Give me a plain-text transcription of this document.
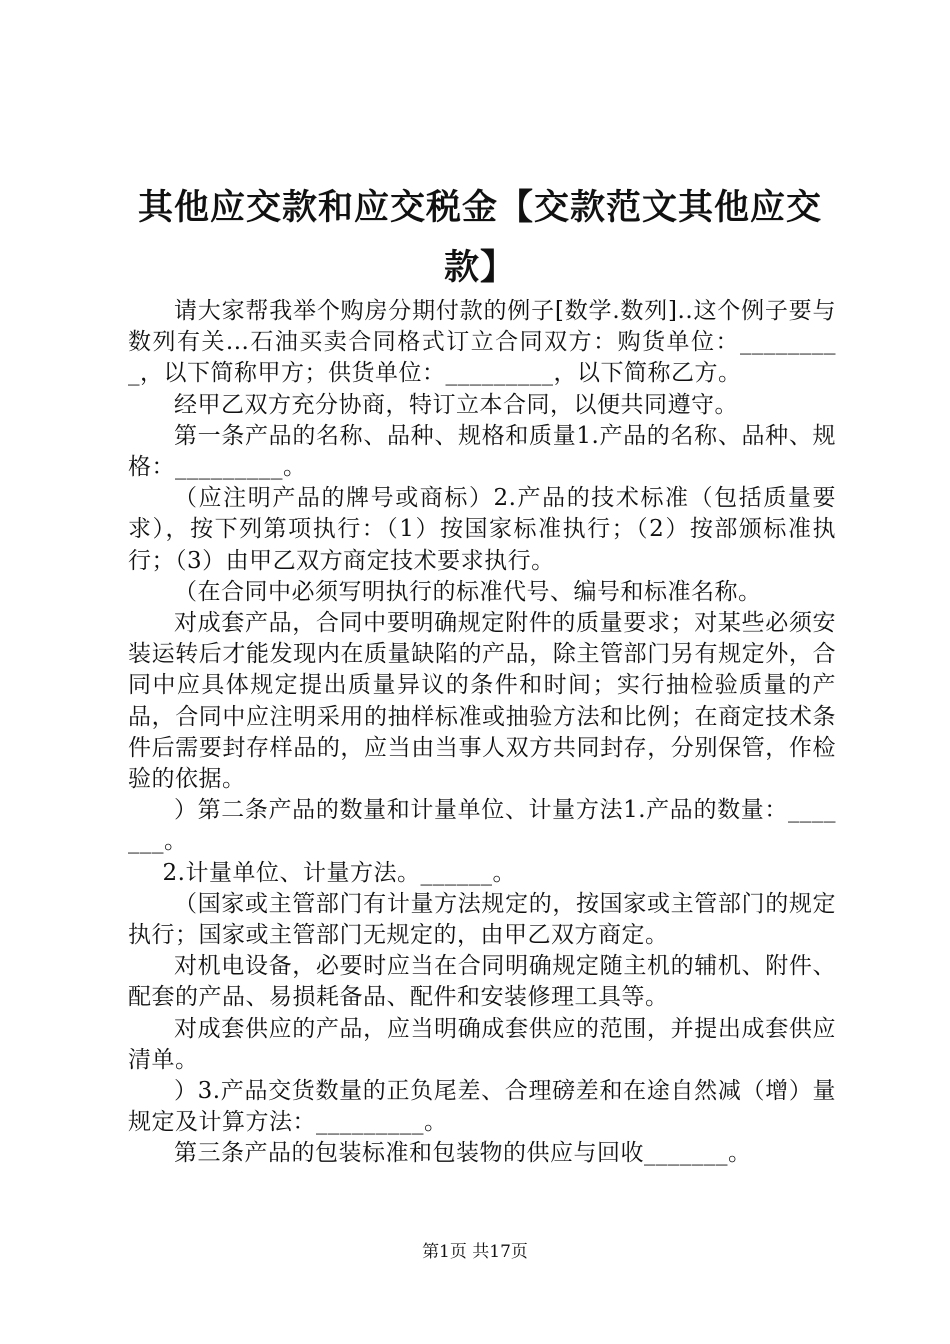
其他应交款和应交税金【交款范文其他应交款】

请大家帮我举个购房分期付款的例子[数学.数列]..这个例子要与数列有关...石油买卖合同格式订立合同双方：购货单位：_________，以下简称甲方；供货单位：_________，以下简称乙方。

经甲乙双方充分协商，特订立本合同，以便共同遵守。

第一条产品的名称、品种、规格和质量1.产品的名称、品种、规格：_________。

（应注明产品的牌号或商标）2.产品的技术标准（包括质量要求），按下列第项执行：（1）按国家标准执行；（2）按部颁标准执行；（3）由甲乙双方商定技术要求执行。

（在合同中必须写明执行的标准代号、编号和标准名称。

对成套产品，合同中要明确规定附件的质量要求；对某些必须安装运转后才能发现内在质量缺陷的产品，除主管部门另有规定外，合同中应具体规定提出质量异议的条件和时间；实行抽检验质量的产品，合同中应注明采用的抽样标准或抽验方法和比例；在商定技术条件后需要封存样品的，应当由当事人双方共同封存，分别保管，作检验的依据。

）第二条产品的数量和计量单位、计量方法1.产品的数量：_______。

2.计量单位、计量方法。______。

（国家或主管部门有计量方法规定的，按国家或主管部门的规定执行；国家或主管部门无规定的，由甲乙双方商定。

对机电设备，必要时应当在合同明确规定随主机的辅机、附件、配套的产品、易损耗备品、配件和安装修理工具等。

对成套供应的产品，应当明确成套供应的范围，并提出成套供应清单。

）3.产品交货数量的正负尾差、合理磅差和在途自然减（增）量规定及计算方法：_________。

第三条产品的包装标准和包装物的供应与回收_______。

第1页 共17页
